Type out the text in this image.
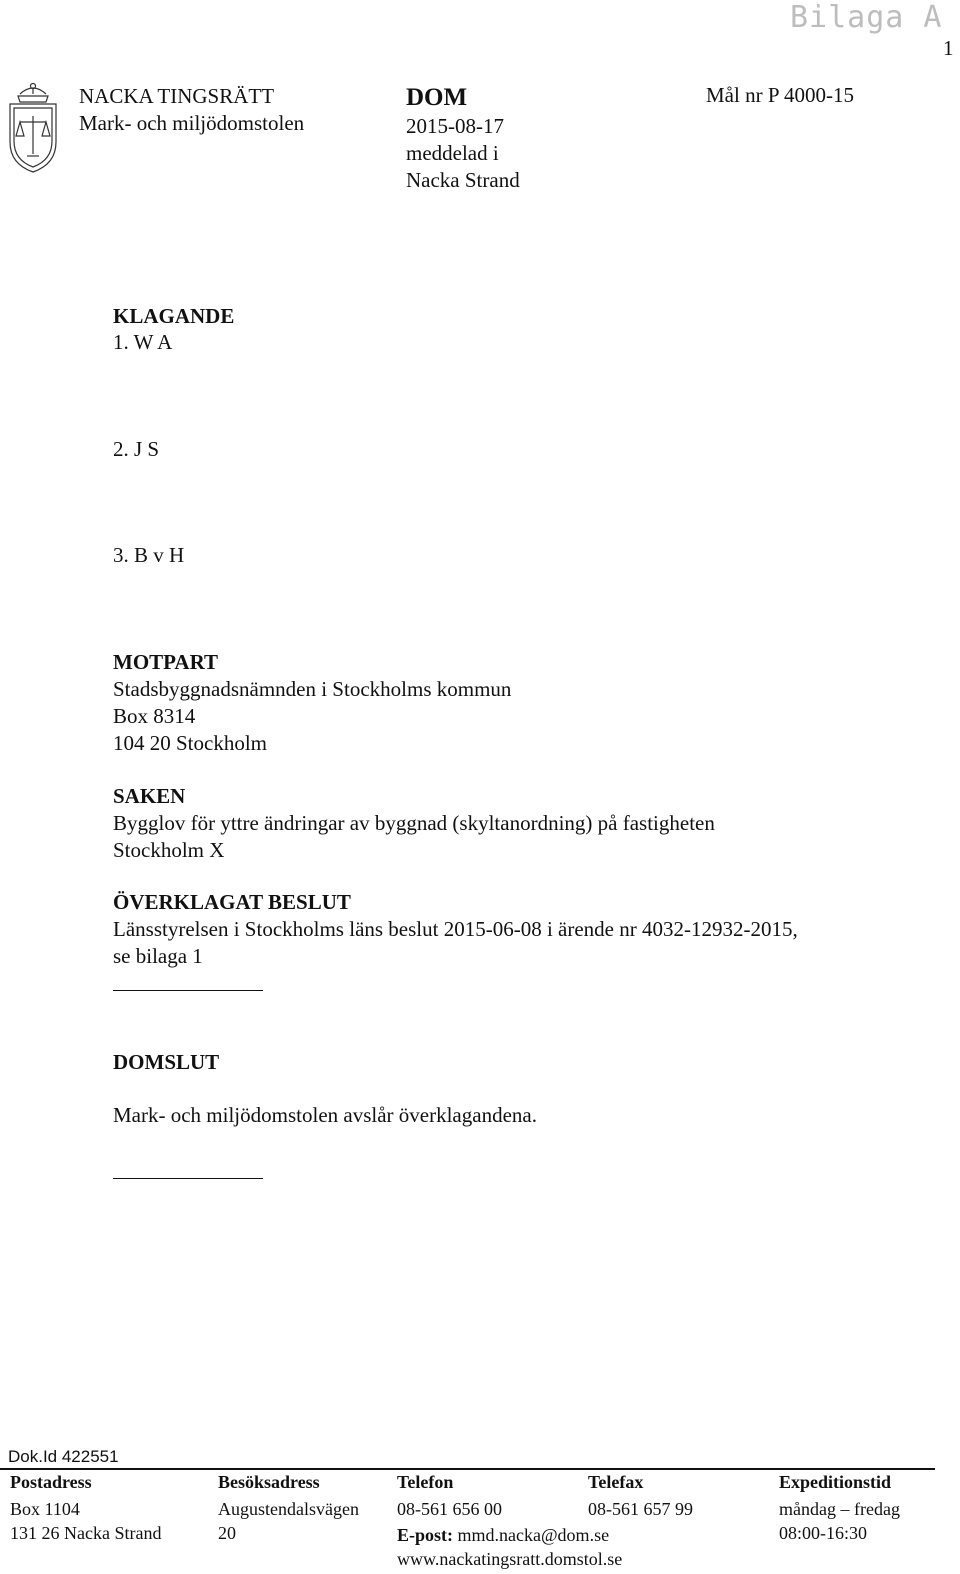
Bilaga A
1
NACKA TINGSRÄTT
Mark- och miljödomstolen
DOM
2015-08-17
meddelad i
Nacka Strand
Mål nr P 4000-15
KLAGANDE
1. W A
2. J S
3. B v H
MOTPART
Stadsbyggnadsnämnden i Stockholms kommun
Box 8314
104 20 Stockholm
SAKEN
Bygglov för yttre ändringar av byggnad (skyltanordning) på fastigheten
Stockholm X
ÖVERKLAGAT BESLUT
Länsstyrelsen i Stockholms läns beslut 2015-06-08 i ärende nr 4032-12932-2015,
se bilaga 1
DOMSLUT
Mark- och miljödomstolen avslår överklagandena.
Dok.Id 422551
Postadress
Box 1104
131 26 Nacka Strand
Besöksadress
Augustendalsvägen
20
Telefon
08-561 656 00
E-post: mmd.nacka@dom.se
www.nackatingsratt.domstol.se
Telefax
08-561 657 99
Expeditionstid
måndag – fredag
08:00-16:30
